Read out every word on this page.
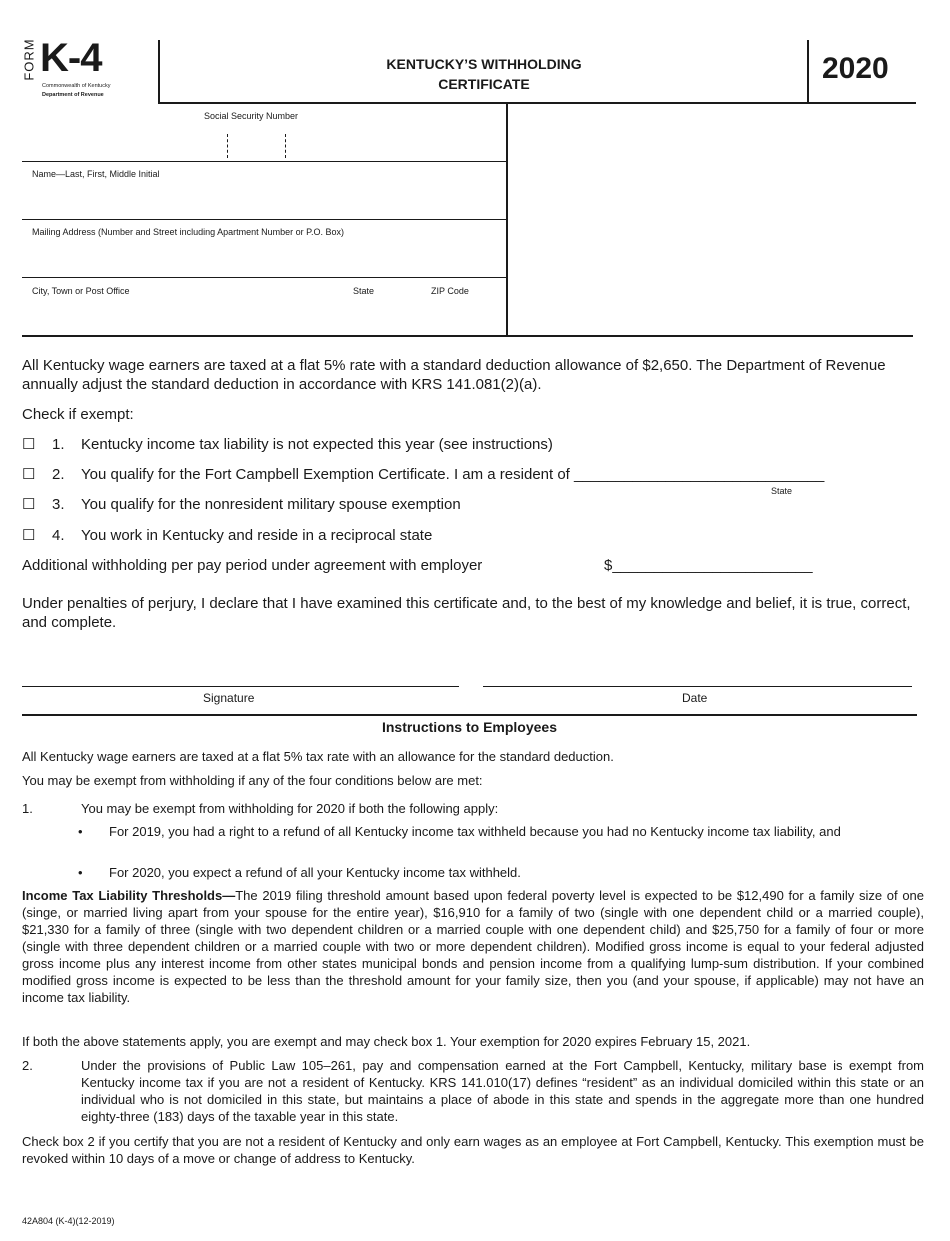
FORM K-4
Commonwealth of Kentucky
Department of Revenue
KENTUCKY’S WITHHOLDING
CERTIFICATE	2020
Social Security Number
Name—Last, First, Middle Initial
Mailing Address (Number and Street including Apartment Number or P.O. Box)
City, Town or Post Office	State	ZIP Code
All Kentucky wage earners are taxed at a flat 5% rate with a standard deduction allowance of $2,650. The Department of Revenue annually adjust the standard deduction in accordance with KRS 141.081(2)(a).
Check if exempt:
☐ 1. Kentucky income tax liability is not expected this year (see instructions)
☐ 2. You qualify for the Fort Campbell Exemption Certificate. I am a resident of ______________________________
State
☐ 3. You qualify for the nonresident military spouse exemption
☐ 4. You work in Kentucky and reside in a reciprocal state
Additional withholding per pay period under agreement with employer	$________________________
Under penalties of perjury, I declare that I have examined this certificate and, to the best of my knowledge and belief, it is true, correct, and complete.
Signature	Date
Instructions to Employees
All Kentucky wage earners are taxed at a flat 5% tax rate with an allowance for the standard deduction.
You may be exempt from withholding if any of the four conditions below are met:
1.	You may be exempt from withholding for 2020 if both the following apply:
• For 2019, you had a right to a refund of all Kentucky income tax withheld because you had no Kentucky income tax liability, and
• For 2020, you expect a refund of all your Kentucky income tax withheld.
Income Tax Liability Thresholds—The 2019 filing threshold amount based upon federal poverty level is expected to be $12,490 for a family size of one (singe, or married living apart from your spouse for the entire year), $16,910 for a family of two (single with one dependent child or a married couple), $21,330 for a family of three (single with two dependent children or a married couple with one dependent child) and $25,750 for a family of four or more (single with three dependent children or a married couple with two or more dependent children). Modified gross income is equal to your federal adjusted gross income plus any interest income from other states municipal bonds and pension income from a qualifying lump-sum distribution. If your combined modified gross income is expected to be less than the threshold amount for your family size, then you (and your spouse, if applicable) may not have an income tax liability.
If both the above statements apply, you are exempt and may check box 1. Your exemption for 2020 expires February 15, 2021.
2.	Under the provisions of Public Law 105–261, pay and compensation earned at the Fort Campbell, Kentucky, military base is exempt from Kentucky income tax if you are not a resident of Kentucky. KRS 141.010(17) defines “resident” as an individual domiciled within this state or an individual who is not domiciled in this state, but maintains a place of abode in this state and spends in the aggregate more than one hundred eighty-three (183) days of the taxable year in this state.
Check box 2 if you certify that you are not a resident of Kentucky and only earn wages as an employee at Fort Campbell, Kentucky. This exemption must be revoked within 10 days of a move or change of address to Kentucky.
42A804 (K-4)(12-2019)
